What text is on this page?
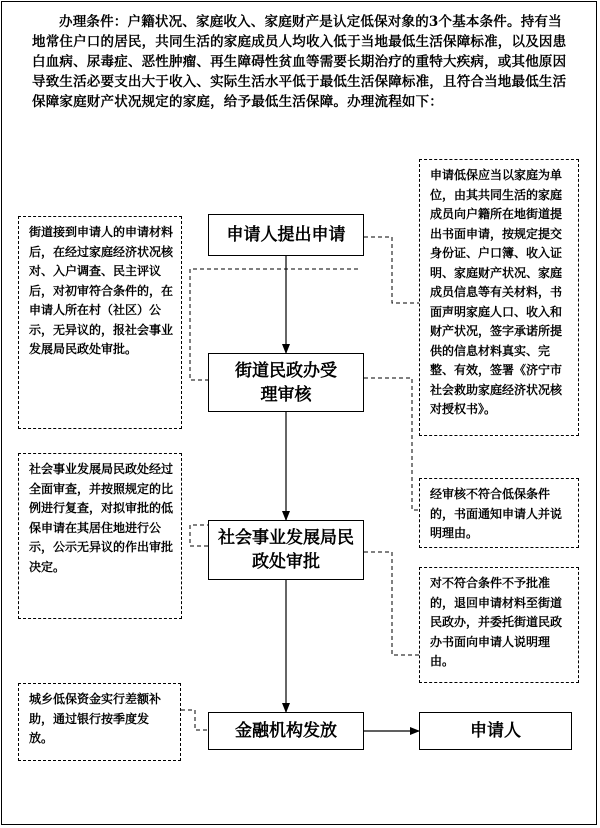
办理条件：户籍状况、家庭收入、家庭财产是认定低保对象的3个基本条件。持有当地常住户口的居民，共同生活的家庭成员人均收入低于当地最低生活保障标准，以及因患白血病、尿毒症、恶性肿瘤、再生障碍性贫血等需要长期治疗的重特大疾病，或其他原因导致生活必要支出大于收入、实际生活水平低于最低生活保障标准，且符合当地最低生活保障家庭财产状况规定的家庭，给予最低生活保障。办理流程如下：
申请低保应当以家庭为单位，由其共同生活的家庭成员向户籍所在地街道提出书面申请，按规定提交身份证、户口簿、收入证明、家庭财产状况、家庭成员信息等有关材料，书面声明家庭人口、收入和财产状况，签字承诺所提供的信息材料真实、完整、有效，签署《济宁市社会救助家庭经济状况核对授权书》。
街道接到申请人的申请材料后，在经过家庭经济状况核对、入户调查、民主评议后，对初审符合条件的，在申请人所在村（社区）公示，无异议的，报社会事业发展局民政处审批。
经审核不符合低保条件的，书面通知申请人并说明理由。
社会事业发展局民政处经过全面审查，并按照规定的比例进行复查，对拟审批的低保申请在其居住地进行公示，公示无异议的作出审批决定。
对不符合条件不予批准的，退回申请材料至街道民政办，并委托街道民政办书面向申请人说明理由。
城乡低保资金实行差额补助，通过银行按季度发放。
申请人提出申请
街道民政办受理审核
社会事业发展局民政处审批
金融机构发放	申请人
